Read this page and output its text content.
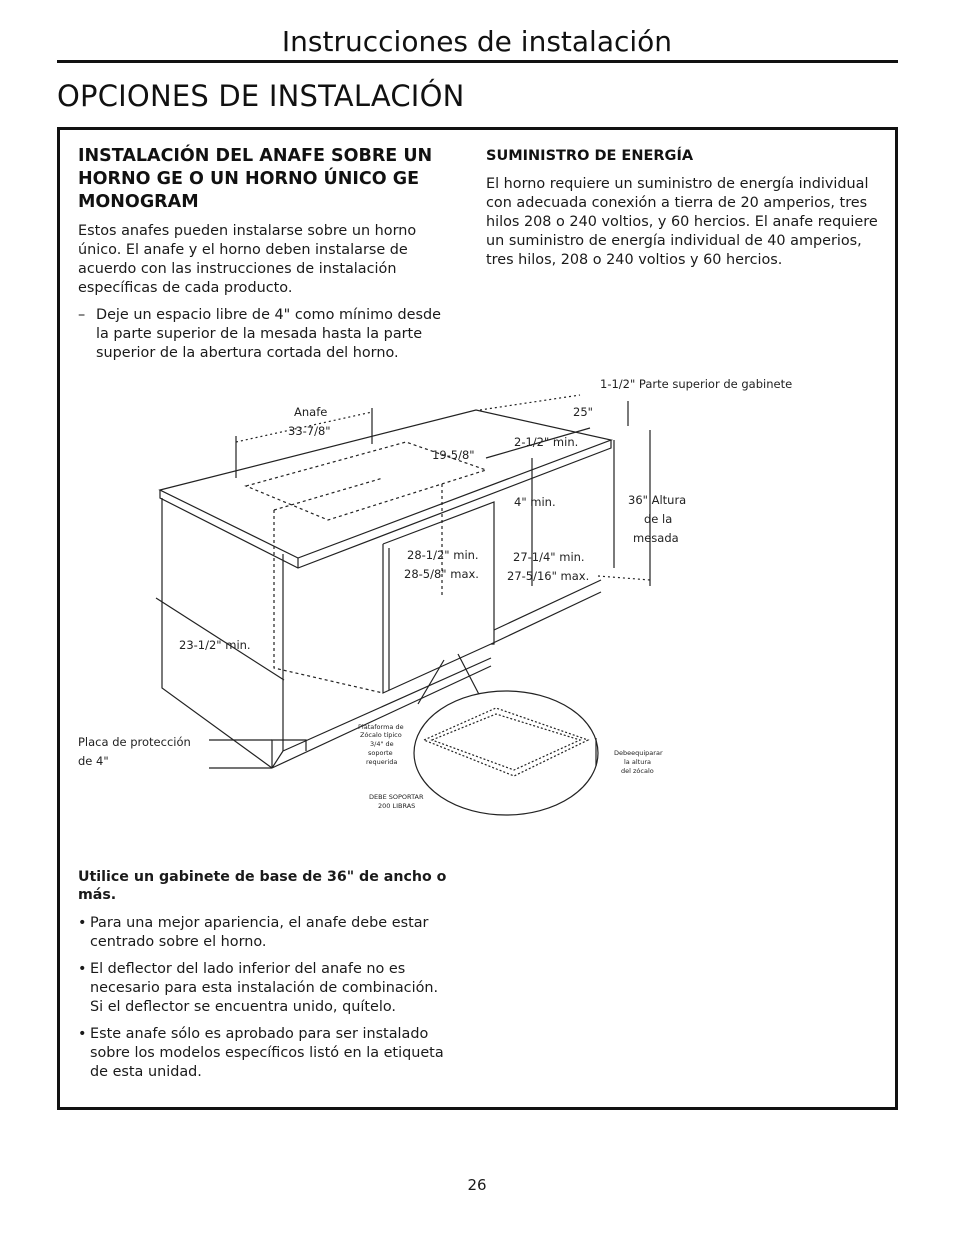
Instrucciones de instalación
OPCIONES DE INSTALACIÓN
INSTALACIÓN DEL ANAFE SOBRE UN HORNO GE O UN HORNO ÚNICO GE MONOGRAM

Estos anafes pueden instalarse sobre un horno único. El anafe y el horno deben instalarse de acuerdo con las instrucciones de instalación específicas de cada producto.

– Deje un espacio libre de 4" como mínimo desde la parte superior de la mesada hasta la parte superior de la abertura cortada del horno.
SUMINISTRO DE ENERGÍA

El horno requiere un suministro de energía individual con adecuada conexión a tierra de 20 amperios, tres hilos 208 o 240 voltios, y 60 hercios. El anafe requiere un suministro de energía individual de 40 amperios, tres hilos, 208 o 240 voltios y 60 hercios.

1-1/2" Parte superior de gabinete
25"
Anafe
33-7/8"
2-1/2" min.
19-5/8"
4" min.	36" Altura
de la
mesada
28-1/2" min.
28-5/8" max.
27-1/4" min.
27-5/16" max.
23-1/2" min.
Placa de protección
de 4"
Plataforma de
Zócalo típico
3/4" de
soporte
requerida
DEBE SOPORTAR
200 LIBRAS
Debeequiparar
la altura
del zócalo

Utilice un gabinete de base de 36" de ancho o más.

• Para una mejor apariencia, el anafe debe estar centrado sobre el horno.
• El deflector del lado inferior del anafe no es necesario para esta instalación de combinación. Si el deflector se encuentra unido, quítelo.
• Este anafe sólo es aprobado para ser instalado sobre los modelos específicos listó en la etiqueta de esta unidad.
26
